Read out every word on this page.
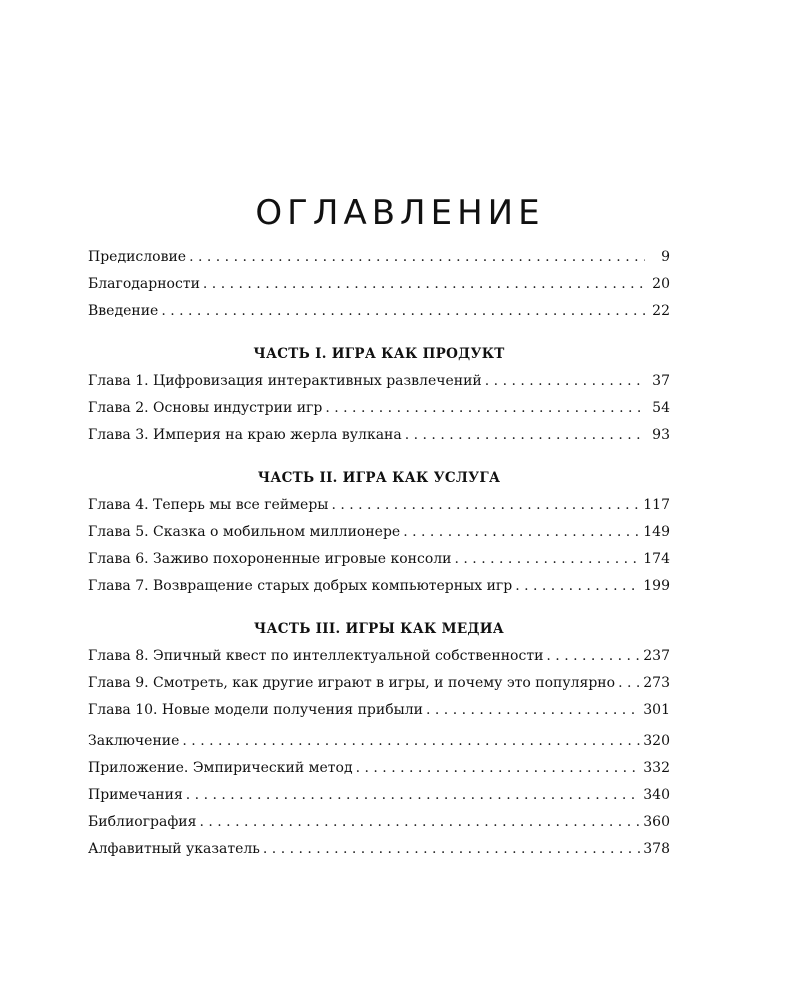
ОГЛАВЛЕНИЕ
Предисловие . . .	9
Благодарности . . .	20
Введение . . .	22
ЧАСТЬ I. ИГРА КАК ПРОДУКТ
Глава 1. Цифровизация интерактивных развлечений . . .	37
Глава 2. Основы индустрии игр . . .	54
Глава 3. Империя на краю жерла вулкана . . .	93
ЧАСТЬ II. ИГРА КАК УСЛУГА
Глава 4. Теперь мы все геймеры . . .	117
Глава 5. Сказка о мобильном миллионере . . .	149
Глава 6. Заживо похороненные игровые консоли . . .	174
Глава 7. Возвращение старых добрых компьютерных игр . . .	199
ЧАСТЬ III. ИГРЫ КАК МЕДИА
Глава 8. Эпичный квест по интеллектуальной собственности . . .	237
Глава 9. Смотреть, как другие играют в игры, и почему это популярно . . . 273
Глава 10. Новые модели получения прибыли . . .	301
Заключение . . .	320
Приложение. Эмпирический метод . . .	332
Примечания . . .	340
Библиография . . .	360
Алфавитный указатель . . .	378
